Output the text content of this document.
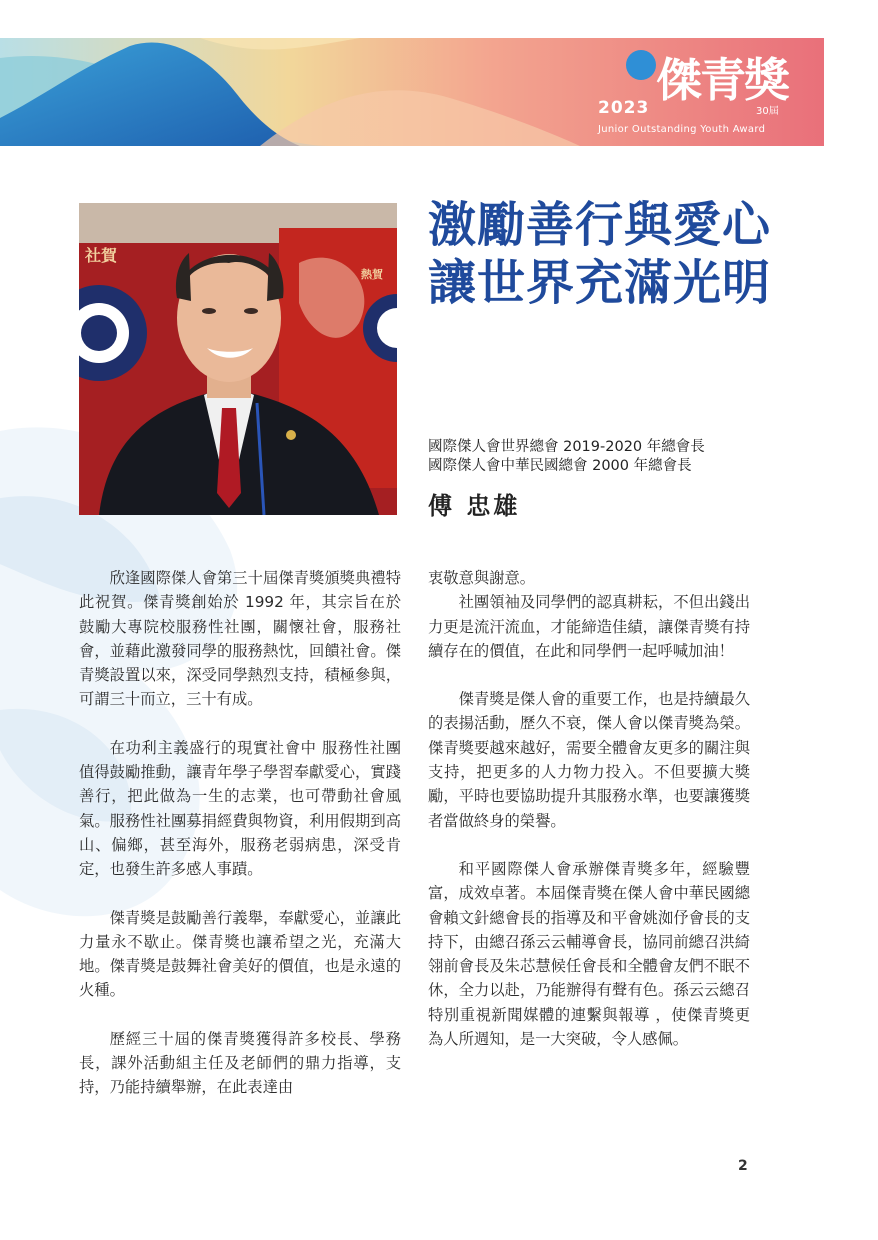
傑青獎
2023	30屆
Junior Outstanding Youth Award
社賀
熱賀
激勵善行與愛心
讓世界充滿光明
國際傑人會世界總會 2019-2020 年總會長
國際傑人會中華民國總會 2000 年總會長
傅 忠雄

欣逢國際傑人會第三十屆傑青獎頒獎典禮特此祝賀。傑青獎創始於 1992 年，其宗旨在於鼓勵大專院校服務性社團，關懷社會，服務社會，並藉此激發同學的服務熱忱，回饋社會。傑青獎設置以來，深受同學熱烈支持，積極參與，可謂三十而立，三十有成。

在功利主義盛行的現實社會中 服務性社團值得鼓勵推動，讓青年學子學習奉獻愛心，實踐善行，把此做為一生的志業，也可帶動社會風氣。服務性社團募捐經費與物資，利用假期到高山、偏鄉，甚至海外，服務老弱病患，深受肯定，也發生許多感人事蹟。

傑青獎是鼓勵善行義舉，奉獻愛心，並讓此力量永不歇止。傑青獎也讓希望之光，充滿大地。傑青獎是鼓舞社會美好的價值，也是永遠的火種。

歷經三十屆的傑青獎獲得許多校長、學務長，課外活動組主任及老師們的鼎力指導，支持，乃能持續舉辦，在此表達由

衷敬意與謝意。

社團領袖及同學們的認真耕耘，不但出錢出力更是流汗流血，才能締造佳績，讓傑青獎有持續存在的價值，在此和同學們一起呼喊加油！

傑青獎是傑人會的重要工作，也是持續最久的表揚活動，歷久不衰，傑人會以傑青獎為榮。傑青獎要越來越好，需要全體會友更多的關注與支持，把更多的人力物力投入。不但要擴大獎勵，平時也要協助提升其服務水準，也要讓獲獎者當做終身的榮譽。

和平國際傑人會承辦傑青獎多年，經驗豐富，成效卓著。本屆傑青獎在傑人會中華民國總會賴文針總會長的指導及和平會姚洳伃會長的支持下，由總召孫云云輔導會長，協同前總召洪綺翎前會長及朱芯慧候任會長和全體會友們不眠不休，全力以赴，乃能辦得有聲有色。孫云云總召特別重視新聞媒體的連繫與報導 ，使傑青獎更為人所週知，是一大突破，令人感佩。

2
